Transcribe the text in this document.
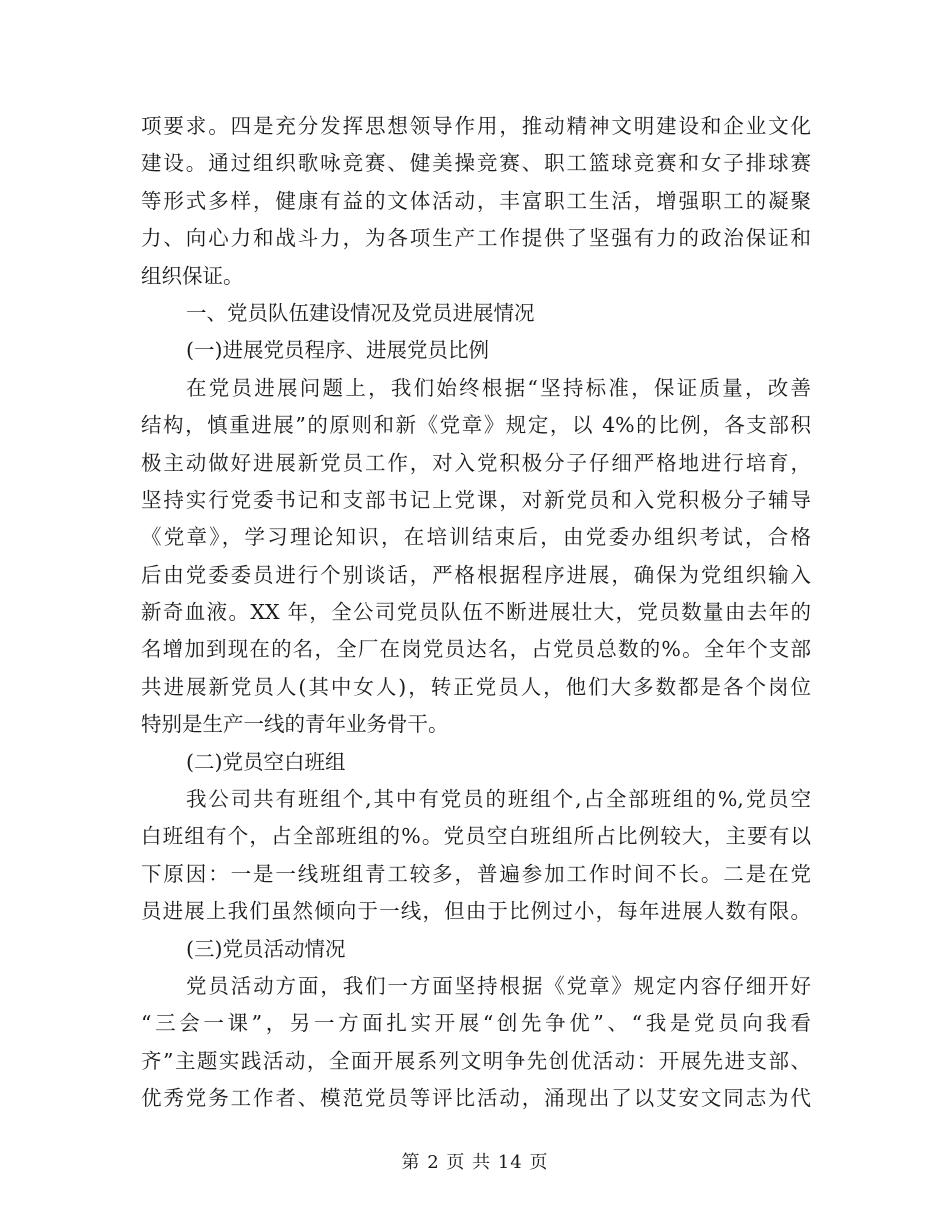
项要求。四是充分发挥思想领导作用，推动精神文明建设和企业文化
建设。通过组织歌咏竞赛、健美操竞赛、职工篮球竞赛和女子排球赛
等形式多样，健康有益的文体活动，丰富职工生活，增强职工的凝聚
力、向心力和战斗力，为各项生产工作提供了坚强有力的政治保证和
组织保证。
一、党员队伍建设情况及党员进展情况
(一)进展党员程序、进展党员比例
在党员进展问题上，我们始终根据“坚持标准，保证质量，改善
结构，慎重进展”的原则和新《党章》规定，以 4%的比例，各支部积
极主动做好进展新党员工作，对入党积极分子仔细严格地进行培育，
坚持实行党委书记和支部书记上党课，对新党员和入党积极分子辅导
《党章》，学习理论知识，在培训结束后，由党委办组织考试，合格
后由党委委员进行个别谈话，严格根据程序进展，确保为党组织输入
新奇血液。XX 年，全公司党员队伍不断进展壮大，党员数量由去年的
名增加到现在的名，全厂在岗党员达名，占党员总数的%。全年个支部
共进展新党员人(其中女人)，转正党员人，他们大多数都是各个岗位
特别是生产一线的青年业务骨干。
(二)党员空白班组
我公司共有班组个,其中有党员的班组个,占全部班组的%,党员空
白班组有个，占全部班组的%。党员空白班组所占比例较大，主要有以
下原因：一是一线班组青工较多，普遍参加工作时间不长。二是在党
员进展上我们虽然倾向于一线，但由于比例过小，每年进展人数有限。
(三)党员活动情况
党员活动方面，我们一方面坚持根据《党章》规定内容仔细开好
“三会一课”，另一方面扎实开展“创先争优”、“我是党员向我看
齐”主题实践活动，全面开展系列文明争先创优活动：开展先进支部、
优秀党务工作者、模范党员等评比活动，涌现出了以艾安文同志为代
第 2 页 共 14 页
